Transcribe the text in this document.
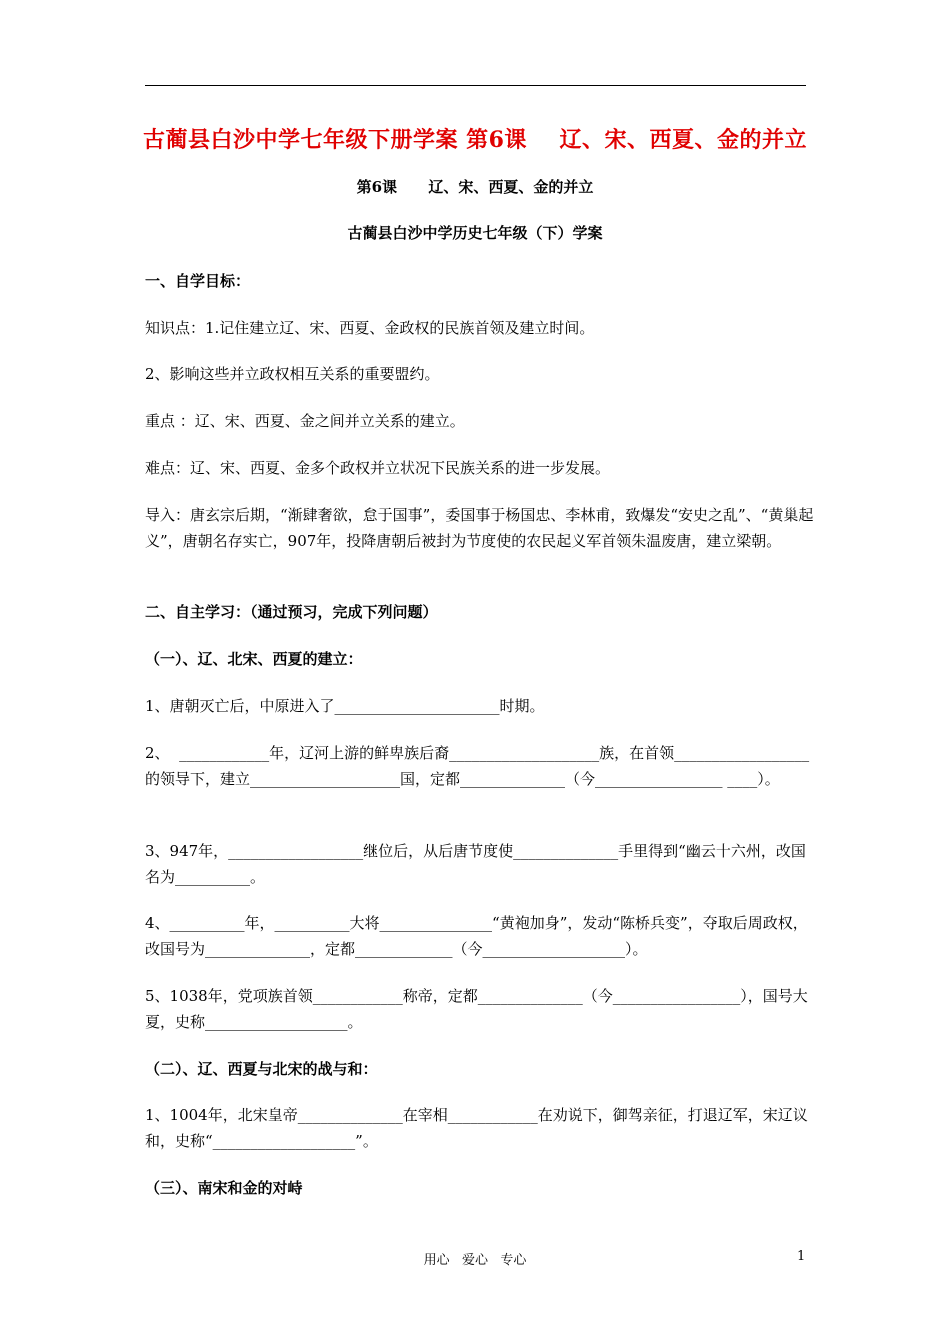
古蔺县白沙中学七年级下册学案 第6课    辽、宋、西夏、金的并立
第6课      辽、宋、西夏、金的并立
古蔺县白沙中学历史七年级（下）学案
一、自学目标：
知识点：1.记住建立辽、宋、西夏、金政权的民族首领及建立时间。
2、影响这些并立政权相互关系的重要盟约。
重点 ：辽、宋、西夏、金之间并立关系的建立。
难点：辽、宋、西夏、金多个政权并立状况下民族关系的进一步发展。
导入：唐玄宗后期，“渐肆奢欲，怠于国事”，委国事于杨国忠、李林甫，致爆发“安史之乱”、“黄巢起义”，唐朝名存实亡，907年，投降唐朝后被封为节度使的农民起义军首领朱温废唐，建立梁朝。
二、自主学习：（通过预习，完成下列问题）
（一）、辽、北宋、西夏的建立：
1、唐朝灭亡后，中原进入了______________________时期。
2、  ____________年，辽河上游的鲜卑族后裔____________________族，在首领__________________的领导下，建立____________________国，定都______________（今_________________ ____）。
3、947年，__________________继位后，从后唐节度使______________手里得到“幽云十六州，改国名为__________。
4、__________年，__________大将_______________“黄袍加身”，发动“陈桥兵变”，夺取后周政权，改国号为______________，定都_____________（今___________________）。
5、1038年，党项族首领____________称帝，定都______________（今_________________），国号大夏，史称___________________。
（二）、辽、西夏与北宋的战与和：
1、1004年，北宋皇帝______________在宰相____________在劝说下，御驾亲征，打退辽军，宋辽议和，史称“___________________”。
（三）、南宋和金的对峙
用心   爱心   专心	1
